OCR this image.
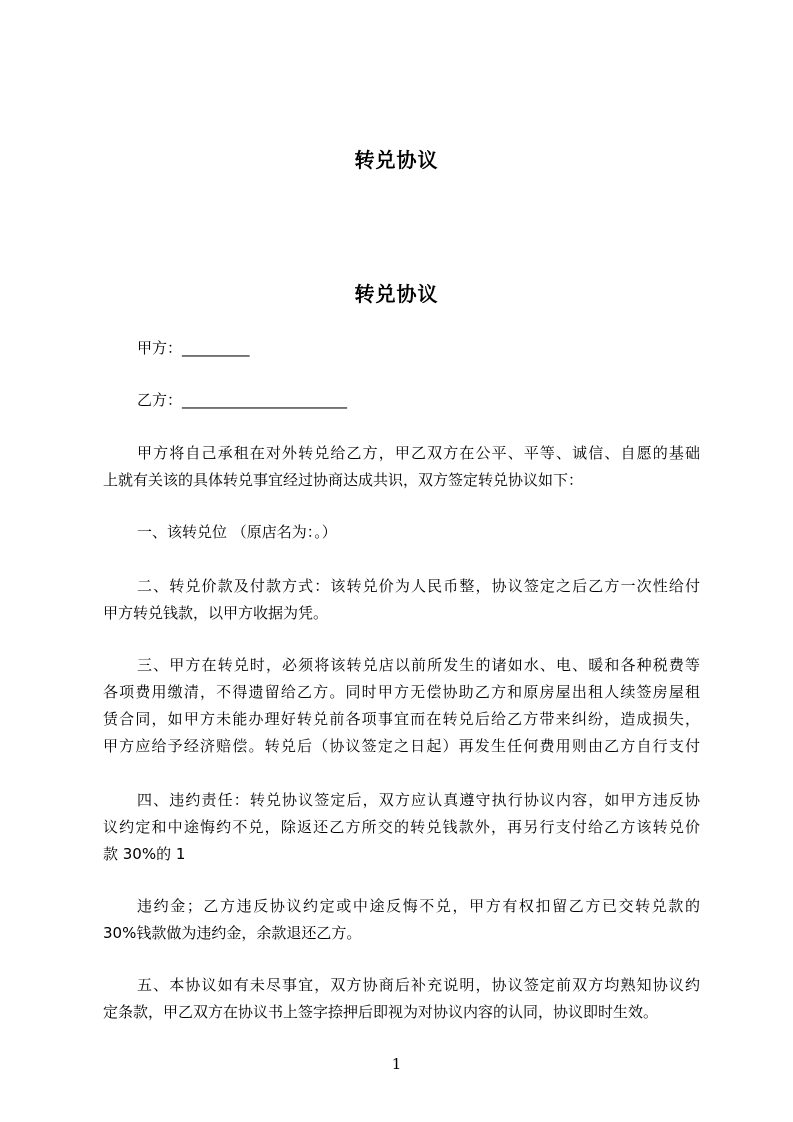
转兑协议
转兑协议
甲方：_________
乙方：______________________
甲方将自己承租在对外转兑给乙方，甲乙双方在公平、平等、诚信、自愿的基础
上就有关该的具体转兑事宜经过协商达成共识，双方签定转兑协议如下：
一、该转兑位 （原店名为：。）
二、转兑价款及付款方式：该转兑价为人民币整，协议签定之后乙方一次性给付
甲方转兑钱款，以甲方收据为凭。
三、甲方在转兑时，必须将该转兑店以前所发生的诸如水、电、暖和各种税费等
各项费用缴清，不得遗留给乙方。同时甲方无偿协助乙方和原房屋出租人续签房屋租
赁合同，如甲方未能办理好转兑前各项事宜而在转兑后给乙方带来纠纷，造成损失，
甲方应给予经济赔偿。转兑后（协议签定之日起）再发生任何费用则由乙方自行支付
四、违约责任：转兑协议签定后，双方应认真遵守执行协议内容，如甲方违反协
议约定和中途悔约不兑，除返还乙方所交的转兑钱款外，再另行支付给乙方该转兑价
款 30%的 1
违约金；乙方违反协议约定或中途反悔不兑，甲方有权扣留乙方已交转兑款的
30%钱款做为违约金，余款退还乙方。
五、本协议如有未尽事宜，双方协商后补充说明，协议签定前双方均熟知协议约
定条款，甲乙双方在协议书上签字捺押后即视为对协议内容的认同，协议即时生效。
1
